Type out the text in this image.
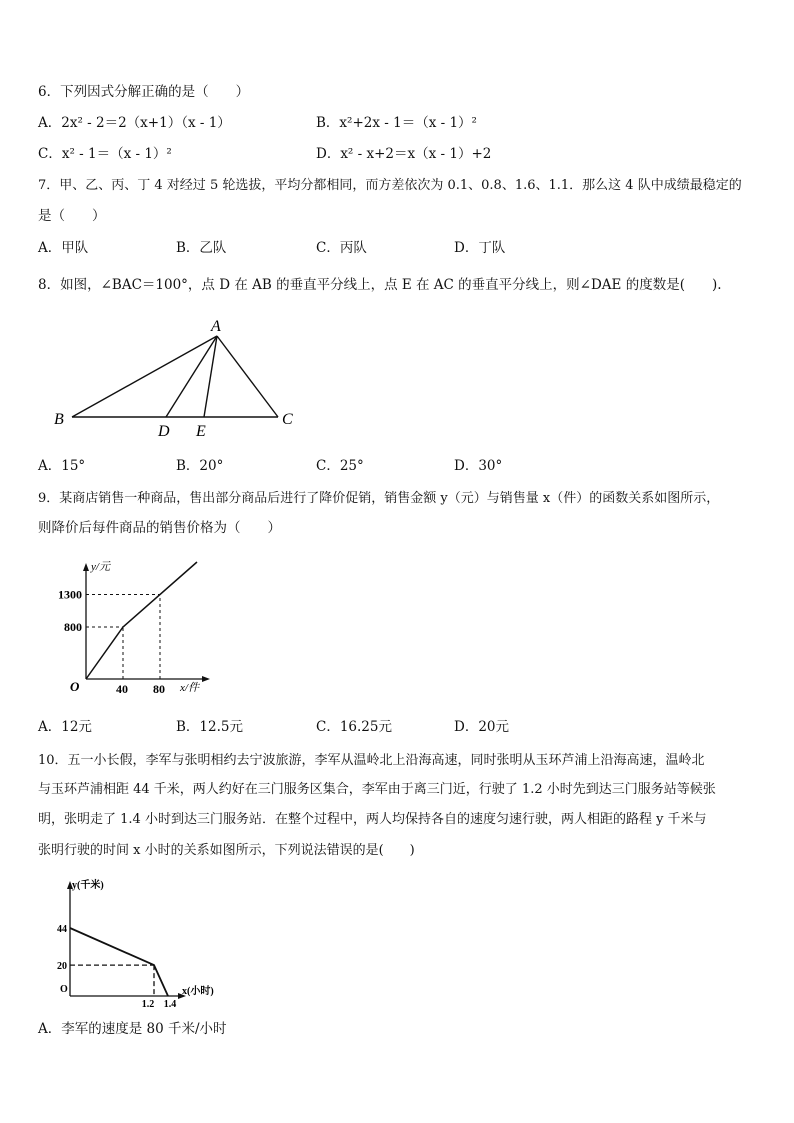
6．下列因式分解正确的是（　　）
A．2x² - 2＝2（x+1）（x - 1）	B．x²+2x - 1＝（x - 1）²
C．x² - 1＝（x - 1）²	D．x² - x+2＝x（x - 1）+2
7．甲、乙、丙、丁 4 对经过 5 轮选拔，平均分都相同，而方差依次为 0.1、0.8、1.6、1.1．那么这 4 队中成绩最稳定的
是（　　）
A．甲队	B．乙队	C．丙队	D．丁队
8．如图，∠BAC＝100°，点 D 在 AB 的垂直平分线上，点 E 在 AC 的垂直平分线上，则∠DAE 的度数是(　　).
A
B	C
D E
A．15°	B．20°	C．25°	D．30°
9．某商店销售一种商品，售出部分商品后进行了降价促销，销售金额 y（元）与销售量 x（件）的函数关系如图所示，
则降价后每件商品的销售价格为（　　）
40 80
800
1300
y/元
x/件
O
A．12元	B．12.5元	C．16.25元	D．20元
10．五一小长假，李军与张明相约去宁波旅游，李军从温岭北上沿海高速，同时张明从玉环芦浦上沿海高速，温岭北
与玉环芦浦相距 44 千米，两人约好在三门服务区集合，李军由于离三门近，行驶了 1.2 小时先到达三门服务站等候张
明，张明走了 1.4 小时到达三门服务站．在整个过程中，两人均保持各自的速度匀速行驶，两人相距的路程 y 千米与
张明行驶的时间 x 小时的关系如图所示，下列说法错误的是(　　)
1.2 1.4
44
20
y(千米)
x(小时)
O
A．李军的速度是 80 千米/小时
